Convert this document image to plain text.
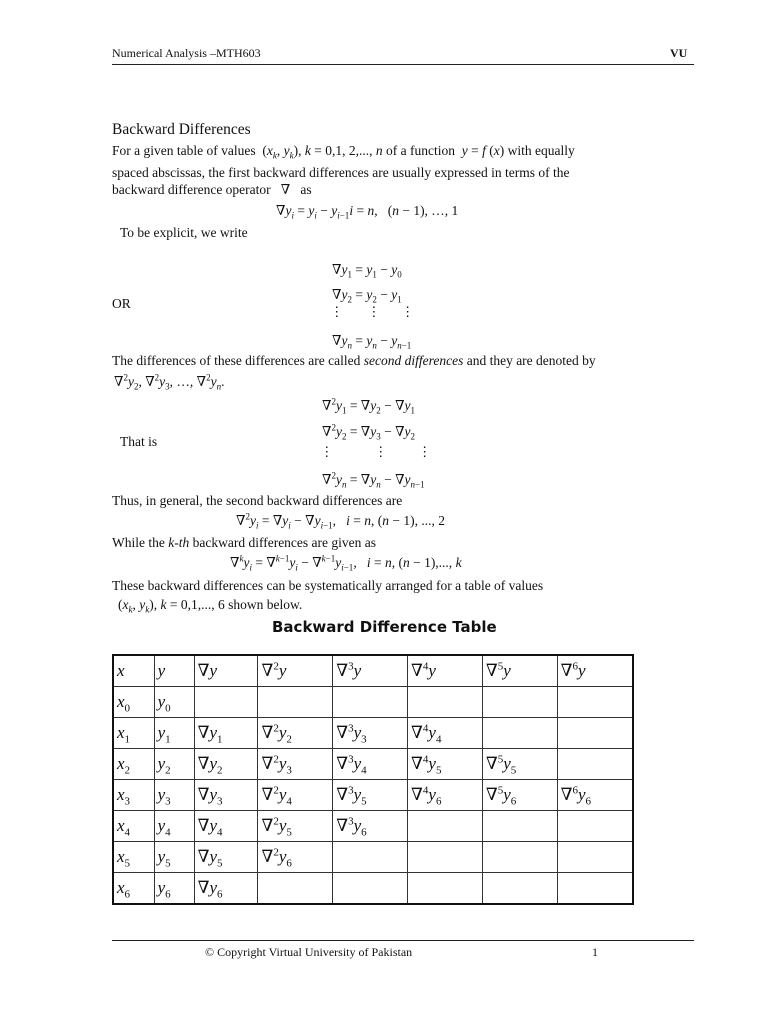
Numerical Analysis –MTH603	VU
Backward Differences
For a given table of values  ($x_k$, $y_k$), k = 0,1, 2,..., n of a function y = f (x) with equally
spaced abscissas, the first backward differences are usually expressed in terms of the
backward difference operator   ∇   as
$\nabla y_i = y_i - y_{i-1}i = n$,   (n − 1), …, 1
To be explicit, we write
$\nabla y_1 = y_1 - y_0$
$\nabla y_2 = y_2 - y_1$
OR
⋮       ⋮      ⋮
$\nabla y_n = y_n - y_{n-1}$
The differences of these differences are called second differences and they are denoted by
$\nabla^2y_2$, $\nabla^2y_3$, …, $\nabla^2y_n$.
$\nabla^2y_1 = \nabla y_2 - \nabla y_1$
$\nabla^2y_2 = \nabla y_3 - \nabla y_2$
That is
⋮            ⋮         ⋮
$\nabla^2y_n = \nabla y_n - \nabla y_{n-1}$
Thus, in general, the second backward differences are
$\nabla^2y_i = \nabla y_i - \nabla y_{i-1}$,   i = n, (n − 1), ..., 2
While the k-th backward differences are given as
$\nabla^ky_i = \nabla^{k-1}y_i - \nabla^{k-1}y_{i-1}$,   i = n, (n − 1),..., k
These backward differences can be systematically arranged for a table of values
($x_k$, $y_k$), k = 0,1,..., 6 shown below.
Backward Difference Table
x	y	∇y	∇$^2$y	∇$^3$y	∇$^4$y	∇$^5$y	∇$^6$y
$x_0$	$y_0$						
$x_1$	$y_1$	$\nabla y_1$	$\nabla^2y_2$	$\nabla^3y_3$	$\nabla^4y_4$		
$x_2$	$y_2$	$\nabla y_2$	$\nabla^2y_3$	$\nabla^3y_4$	$\nabla^4y_5$	$\nabla^5y_5$	
$x_3$	$y_3$	$\nabla y_3$	$\nabla^2y_4$	$\nabla^3y_5$	$\nabla^4y_6$	$\nabla^5y_6$	$\nabla^6y_6$
$x_4$	$y_4$	$\nabla y_4$	$\nabla^2y_5$	$\nabla^3y_6$			
$x_5$	$y_5$	$\nabla y_5$	$\nabla^2y_6$				
$x_6$	$y_6$	$\nabla y_6$					
© Copyright Virtual University of Pakistan	1
